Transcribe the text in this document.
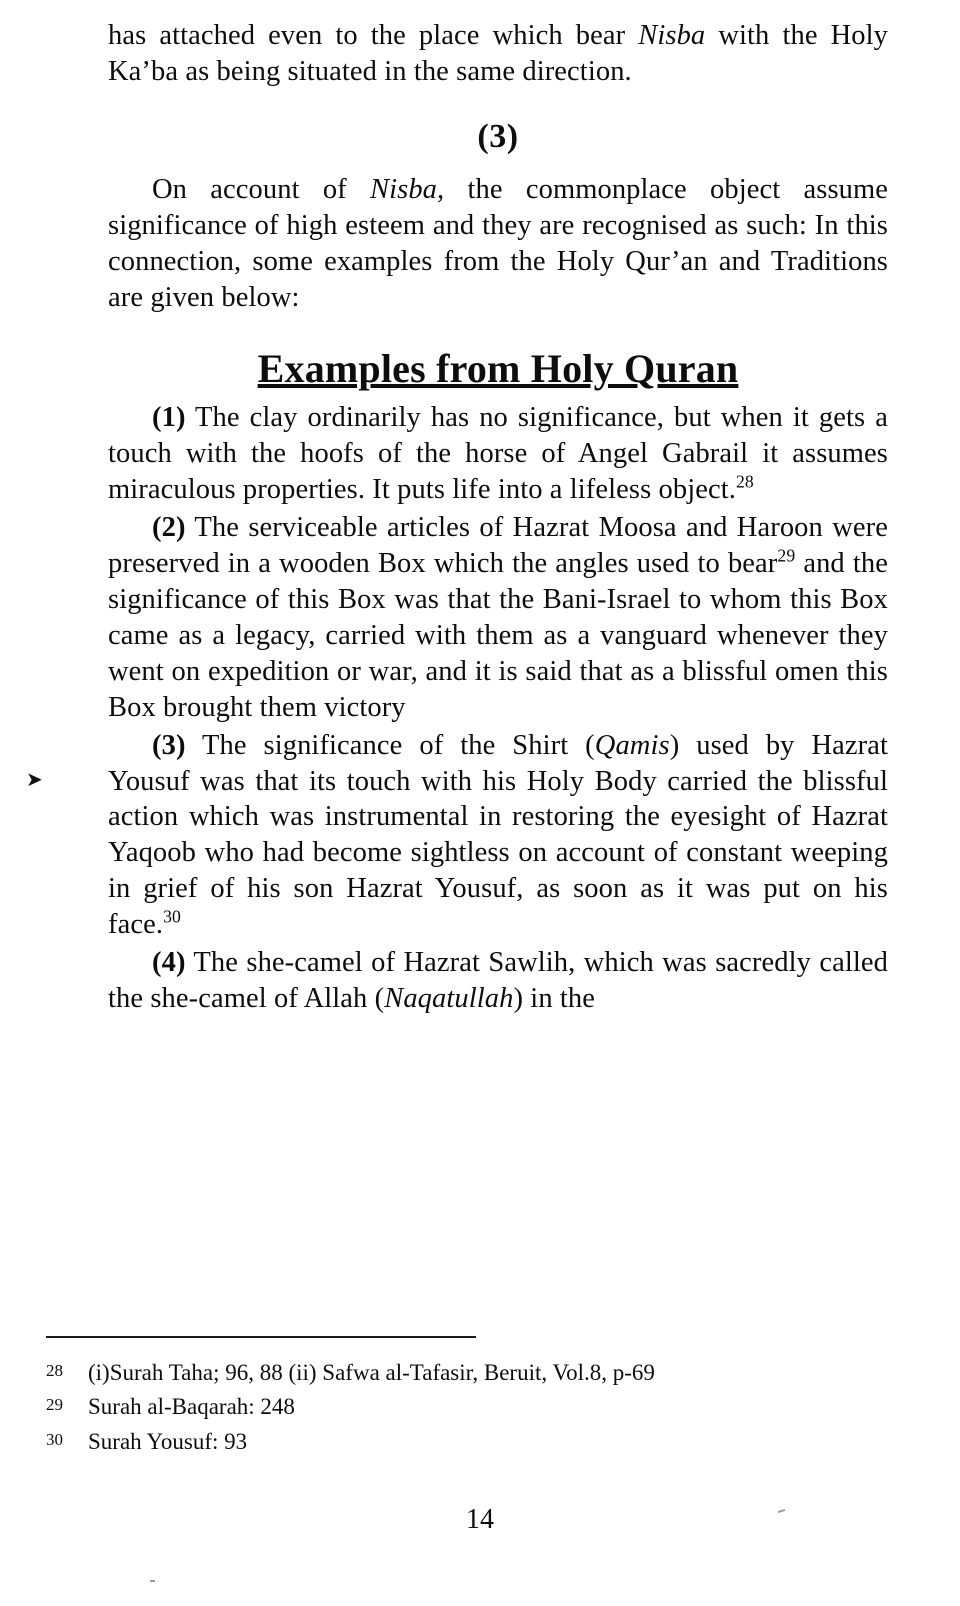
➤

has attached even to the place which bear Nisba with the Holy Ka’ba as being situated in the same direction.

(3)

On account of Nisba, the commonplace object assume significance of high esteem and they are recognised as such: In this connection, some examples from the Holy Qur’an and Traditions are given below:

Examples from Holy Quran

(1) The clay ordinarily has no significance, but when it gets a touch with the hoofs of the horse of Angel Gabrail it assumes miraculous properties. It puts life into a lifeless object.$^{28}$

(2) The serviceable articles of Hazrat Moosa and Haroon were preserved in a wooden Box which the angles used to bear$^{29}$ and the significance of this Box was that the Bani-Israel to whom this Box came as a legacy, carried with them as a vanguard whenever they went on expedition or war, and it is said that as a blissful omen this Box brought them victory

(3) The significance of the Shirt (Qamis) used by Hazrat Yousuf was that its touch with his Holy Body carried the blissful action which was instrumental in restoring the eyesight of Hazrat Yaqoob who had become sightless on account of constant weeping in grief of his son Hazrat Yousuf, as soon as it was put on his face.$^{30}$

(4) The she-camel of Hazrat Sawlih, which was sacredly called the she-camel of Allah (Naqatullah) in the

28	(i)Surah Taha; 96, 88 (ii) Safwa al-Tafasir, Beruit, Vol.8, p-69
29	Surah al-Baqarah: 248
30	Surah Yousuf: 93
14
